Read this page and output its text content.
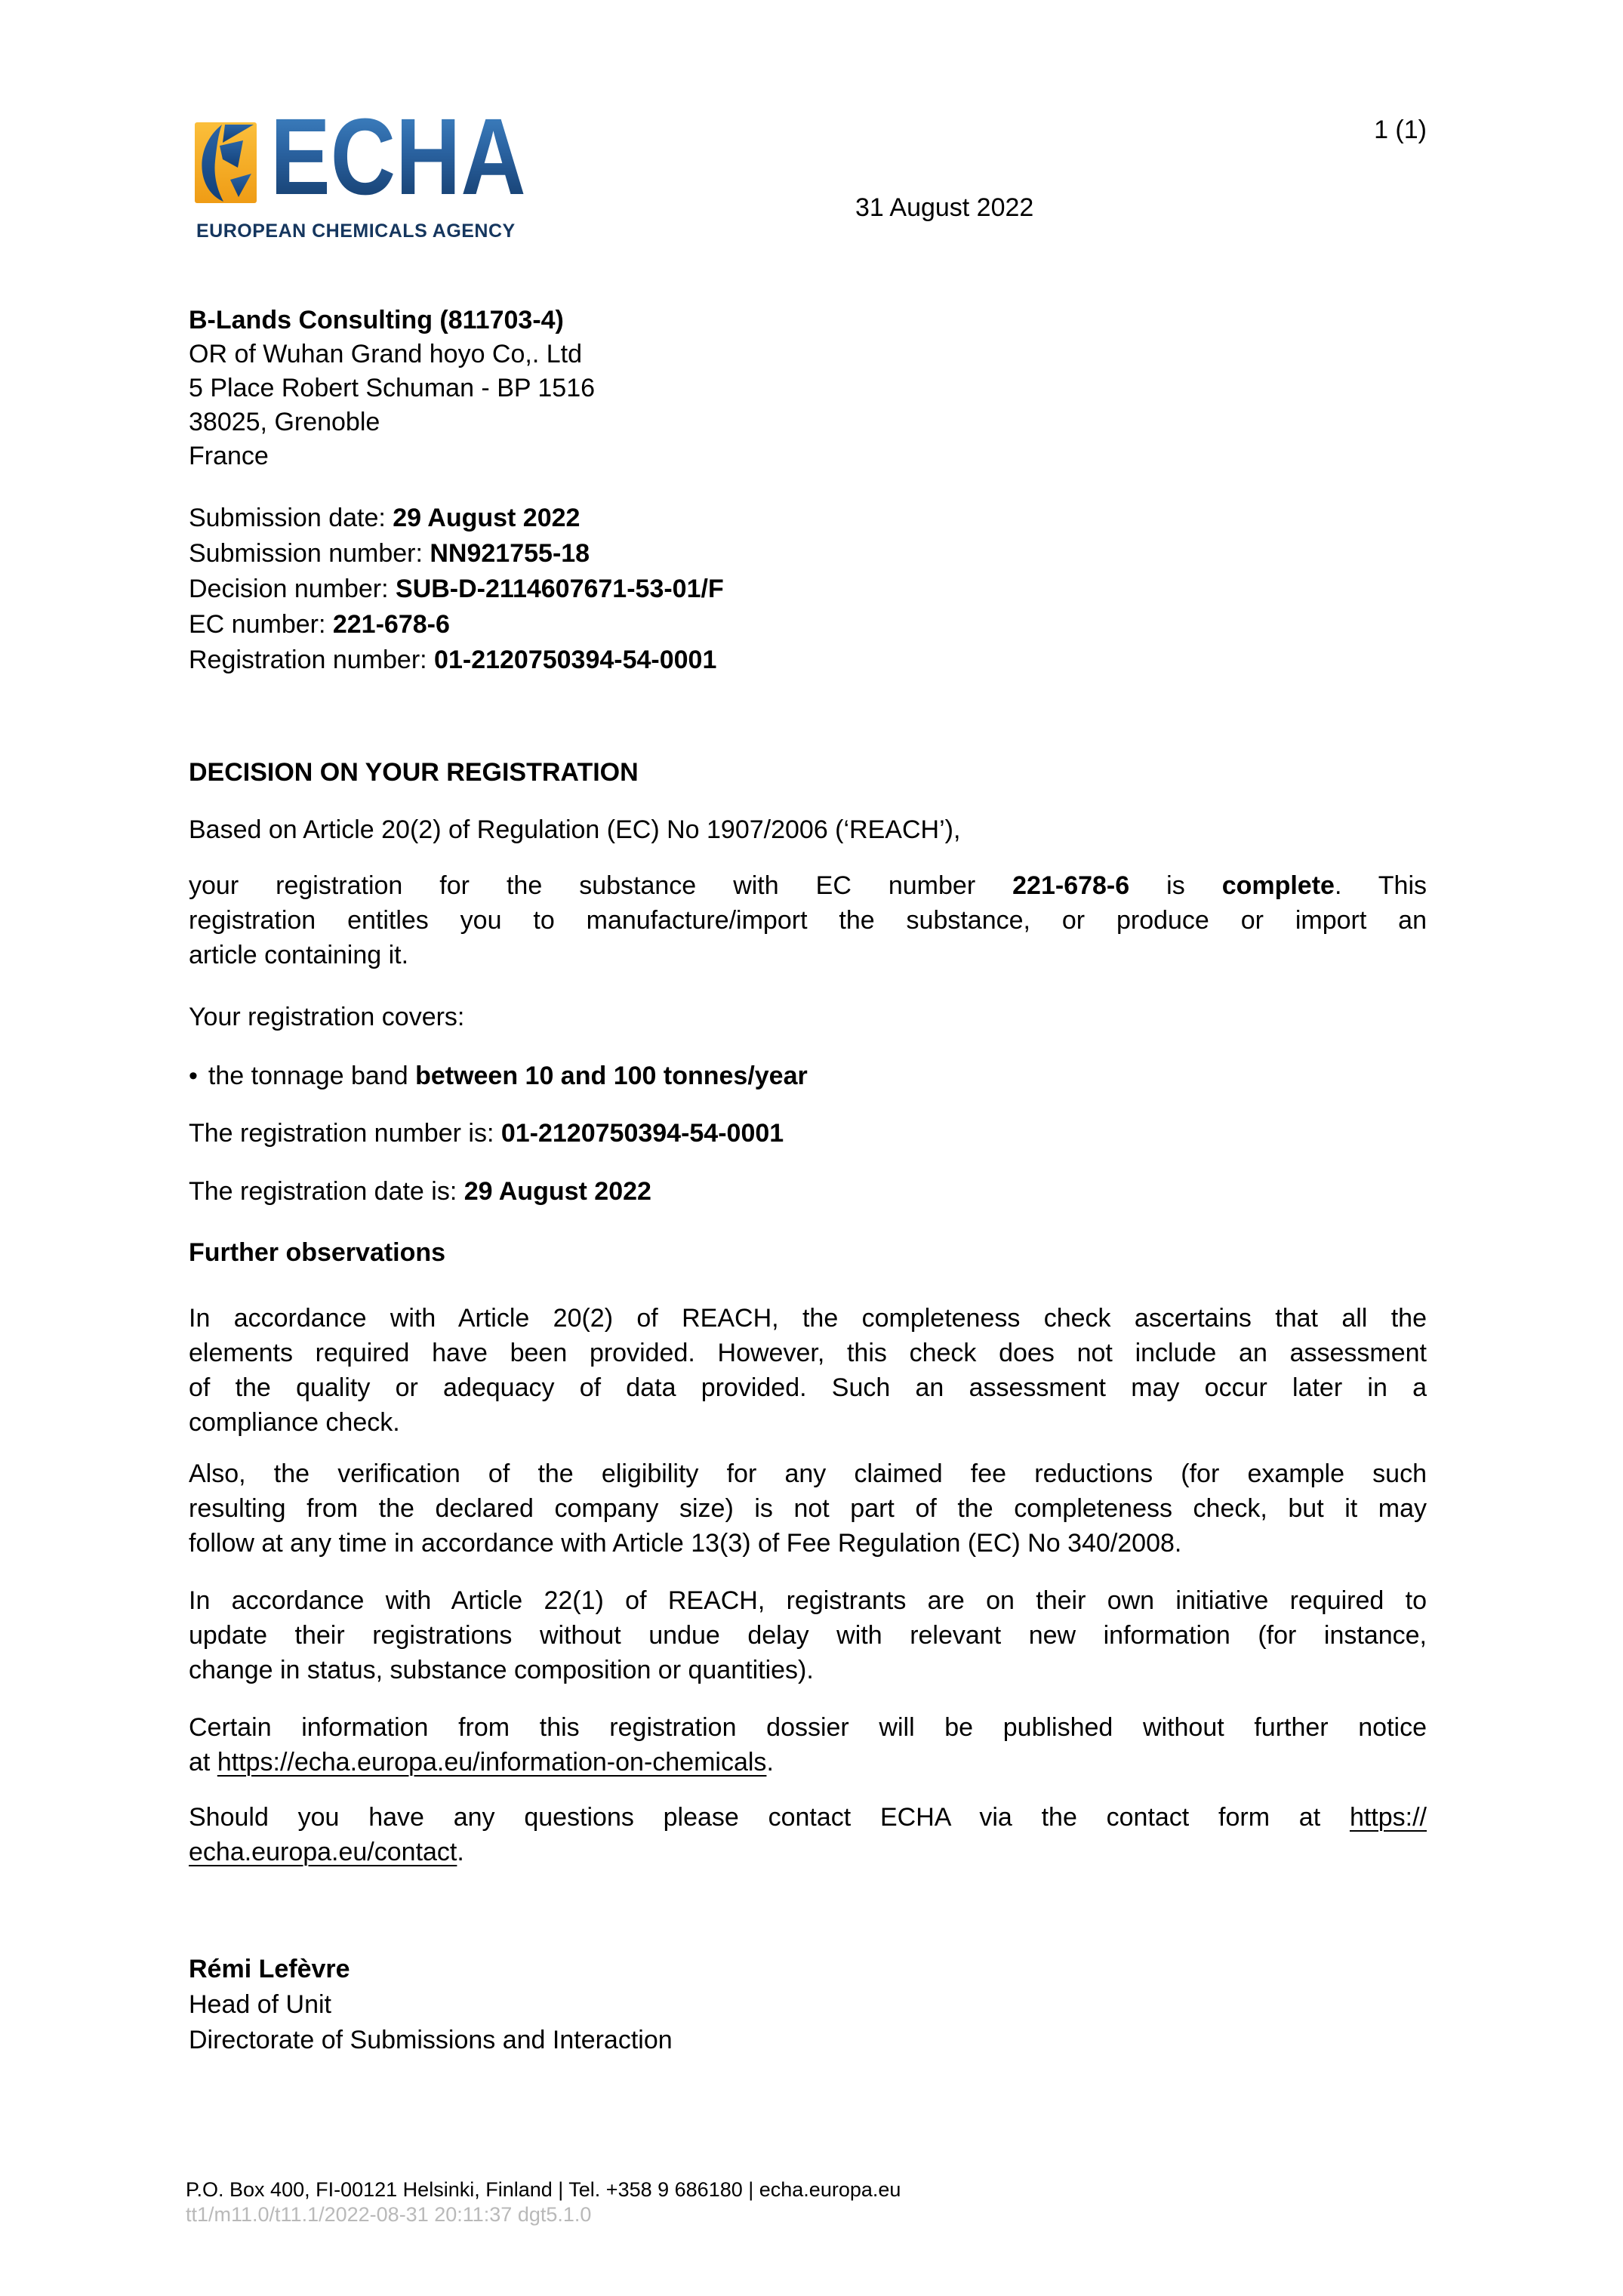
ECHA
EUROPEAN CHEMICALS AGENCY
1 (1)
31 August 2022
B-Lands Consulting (811703-4)
OR of Wuhan Grand hoyo Co,. Ltd
5 Place Robert Schuman - BP 1516
38025, Grenoble
France
Submission date: 29 August 2022
Submission number: NN921755-18
Decision number: SUB-D-2114607671-53-01/F
EC number: 221-678-6
Registration number: 01-2120750394-54-0001
DECISION ON YOUR REGISTRATION
Based on Article 20(2) of Regulation (EC) No 1907/2006 (‘REACH’),
your registration for the substance with EC number 221-678-6 is complete. This
registration entitles you to manufacture/import the substance, or produce or import an
article containing it.
Your registration covers:
• the tonnage band between 10 and 100 tonnes/year
The registration number is: 01-2120750394-54-0001
The registration date is: 29 August 2022
Further observations
In accordance with Article 20(2) of REACH, the completeness check ascertains that all the
elements required have been provided. However, this check does not include an assessment
of the quality or adequacy of data provided. Such an assessment may occur later in a
compliance check.
Also, the verification of the eligibility for any claimed fee reductions (for example such
resulting from the declared company size) is not part of the completeness check, but it may
follow at any time in accordance with Article 13(3) of Fee Regulation (EC) No 340/2008.
In accordance with Article 22(1) of REACH, registrants are on their own initiative required to
update their registrations without undue delay with relevant new information (for instance,
change in status, substance composition or quantities).
Certain information from this registration dossier will be published without further notice
at https://echa.europa.eu/information-on-chemicals.
Should you have any questions please contact ECHA via the contact form at https://
echa.europa.eu/contact.
Rémi Lefèvre
Head of Unit
Directorate of Submissions and Interaction
P.O. Box 400, FI-00121 Helsinki, Finland | Tel. +358 9 686180 | echa.europa.eu
tt1/m11.0/t11.1/2022-08-31 20:11:37 dgt5.1.0
